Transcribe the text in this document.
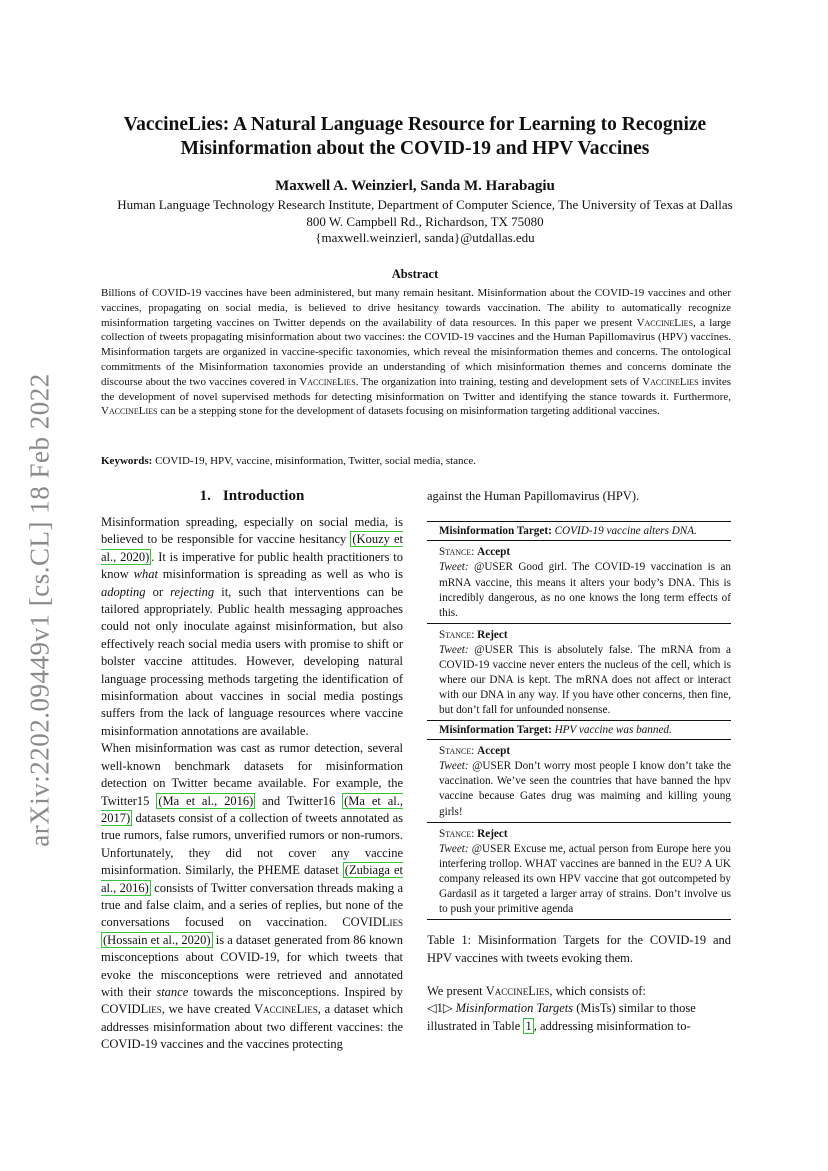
arXiv:2202.09449v1 [cs.CL] 18 Feb 2022
VaccineLies: A Natural Language Resource for Learning to Recognize
Misinformation about the COVID-19 and HPV Vaccines
Maxwell A. Weinzierl, Sanda M. Harabagiu
Human Language Technology Research Institute, Department of Computer Science, The University of Texas at Dallas
800 W. Campbell Rd., Richardson, TX 75080
{maxwell.weinzierl, sanda}@utdallas.edu
Abstract
Billions of COVID-19 vaccines have been administered, but many remain hesitant. Misinformation about the COVID-19 vaccines and other vaccines, propagating on social media, is believed to drive hesitancy towards vaccination. The ability to automatically recognize misinformation targeting vaccines on Twitter depends on the availability of data resources. In this paper we present VaccineLies, a large collection of tweets propagating misinformation about two vaccines: the COVID-19 vaccines and the Human Papillomavirus (HPV) vaccines. Misinformation targets are organized in vaccine-specific taxonomies, which reveal the misinformation themes and concerns. The ontological commitments of the Misinformation taxonomies provide an understanding of which misinformation themes and concerns dominate the discourse about the two vaccines covered in VaccineLies. The organization into training, testing and development sets of VaccineLies invites the development of novel supervised methods for detecting misinformation on Twitter and identifying the stance towards it. Furthermore, VaccineLies can be a stepping stone for the development of datasets focusing on misinformation targeting additional vaccines.
Keywords: COVID-19, HPV, vaccine, misinformation, Twitter, social media, stance.
1. Introduction

Misinformation spreading, especially on social media, is believed to be responsible for vaccine hesitancy (Kouzy et al., 2020) . It is imperative for public health practitioners to know what misinformation is spreading as well as who is adopting or rejecting it, such that interventions can be tailored appropriately. Public health messaging approaches could not only inoculate against misinformation, but also effectively reach social media users with promise to shift or bolster vaccine attitudes. However, developing natural language processing methods targeting the identification of misinformation about vaccines in social media postings suffers from the lack of language resources where vaccine misinformation annotations are available.

When misinformation was cast as rumor detection, several well-known benchmark datasets for misinformation detection on Twitter became available. For example, the Twitter15 (Ma et al., 2016) and Twitter16 (Ma et al., 2017) datasets consist of a collection of tweets annotated as true rumors, false rumors, unverified rumors or non-rumors. Unfortunately, they did not cover any vaccine misinformation. Similarly, the PHEME dataset (Zubiaga et al., 2016) consists of Twitter conversation threads making a true and false claim, and a series of replies, but none of the conversations focused on vaccination. COVIDLies (Hossain et al., 2020) is a dataset generated from 86 known misconceptions about COVID-19, for which tweets that evoke the misconceptions were retrieved and annotated with their stance towards the misconceptions. Inspired by COVIDLies, we have created VaccineLies, a dataset which addresses misinformation about two different vaccines: the COVID-19 vaccines and the vaccines protecting

against the Human Papillomavirus (HPV).

Misinformation Target: COVID-19 vaccine alters DNA.
Stance: Accept
Tweet: @USER Good girl. The COVID-19 vaccination is an mRNA vaccine, this means it alters your body’s DNA. This is incredibly dangerous, as no one knows the long term effects of this.
Stance: Reject
Tweet: @USER This is absolutely false. The mRNA from a COVID-19 vaccine never enters the nucleus of the cell, which is where our DNA is kept. The mRNA does not affect or interact with our DNA in any way. If you have other concerns, then fine, but don’t fall for unfounded nonsense.
Misinformation Target: HPV vaccine was banned.
Stance: Accept
Tweet: @USER Don’t worry most people I know don’t take the vaccination. We’ve seen the countries that have banned the hpv vaccine because Gates drug was maiming and killing young girls!
Stance: Reject
Tweet: @USER Excuse me, actual person from Europe here you interfering trollop. WHAT vaccines are banned in the EU? A UK company released its own HPV vaccine that got outcompeted by Gardasil as it targeted a larger array of strains. Don’t involve us to push your primitive agenda
Table 1: Misinformation Targets for the COVID-19 and HPV vaccines with tweets evoking them.
We present VaccineLies, which consists of:
◁1▷ Misinformation Targets (MisTs) similar to those illustrated in Table 1 , addressing misinformation to-
